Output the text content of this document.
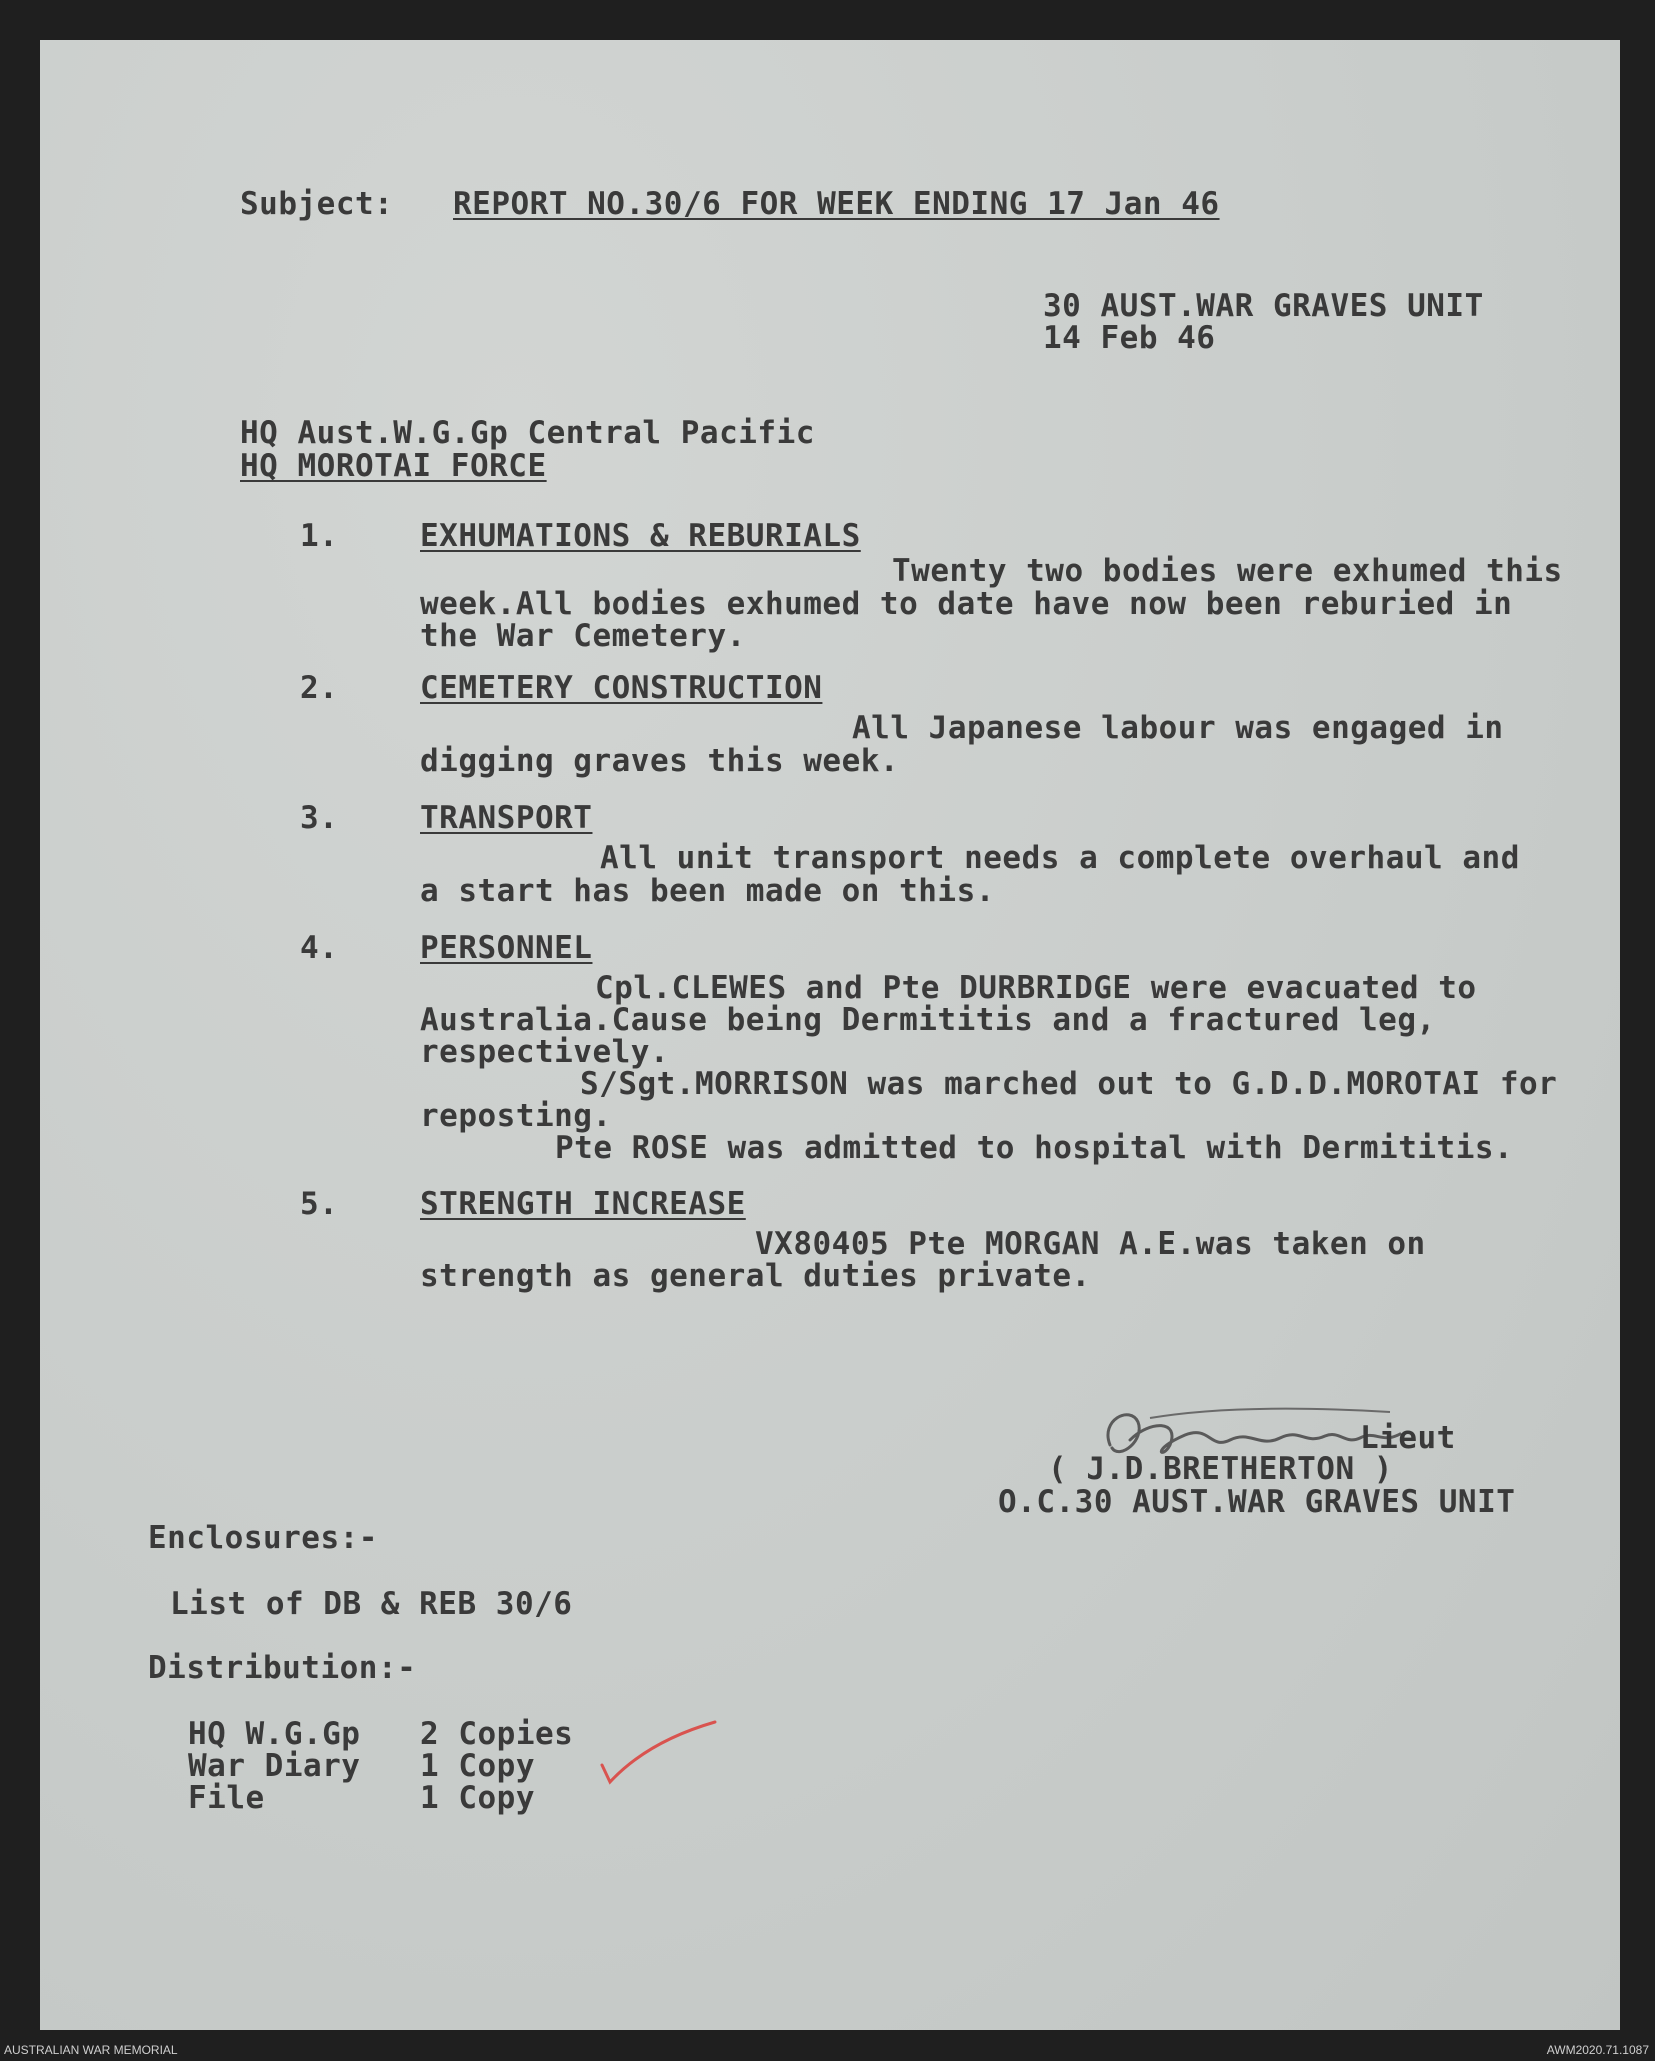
Subject: REPORT NO.30/6 FOR WEEK ENDING 17 Jan 46

30 AUST.WAR GRAVES UNIT

14 Feb 46

HQ Aust.W.G.Gp Central Pacific

HQ MOROTAI FORCE

1.	EXHUMATIONS & REBURIALS

Twenty two bodies were exhumed this

week.All bodies exhumed to date have now been reburied in

the War Cemetery.

2.	CEMETERY CONSTRUCTION

All Japanese labour was engaged in

digging graves this week.

3.	TRANSPORT

All unit transport needs a complete overhaul and

a start has been made on this.

4.	PERSONNEL

Cpl.CLEWES and Pte DURBRIDGE were evacuated to

Australia.Cause being Dermititis and a fractured leg,

respectively.

S/Sgt.MORRISON was marched out to G.D.D.MOROTAI for

reposting.

Pte ROSE was admitted to hospital with Dermititis.

5.	STRENGTH INCREASE

VX80405 Pte MORGAN A.E.was taken on

strength as general duties private.

Lieut

( J.D.BRETHERTON )

O.C.30 AUST.WAR GRAVES UNIT

Enclosures:-

List of DB & REB 30/6

Distribution:-

HQ W.G.Gp 2 Copies

War Diary 1 Copy

File	1 Copy

AUSTRALIAN WAR MEMORIAL	AWM2020.71.1087
